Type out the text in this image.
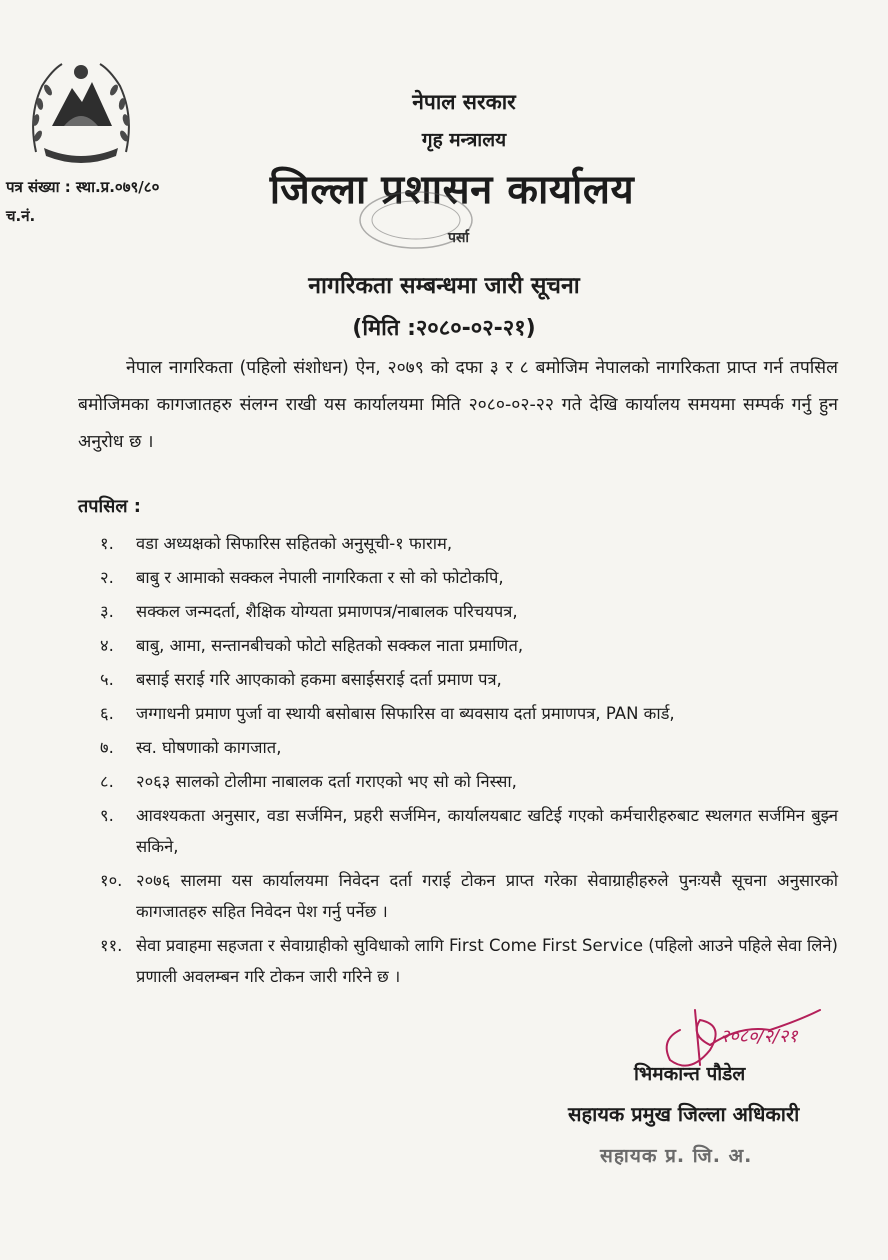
नेपाल सरकार
गृह मन्त्रालय
जिल्ला प्रशासन कार्यालय
पत्र संख्या : स्था.प्र.०७९/८०
च.नं.
पर्सा
नागरिकता सम्बन्धमा जारी सूचना
(मिति :२०८०-०२-२१)
नेपाल नागरिकता (पहिलो संशोधन) ऐन, २०७९ को दफा ३ र ८ बमोजिम नेपालको नागरिकता प्राप्त गर्न तपसिल बमोजिमका कागजातहरु संलग्न राखी यस कार्यालयमा मिति २०८०-०२-२२ गते देखि कार्यालय समयमा सम्पर्क गर्नु हुन अनुरोध छ ।
तपसिल :
१. वडा अध्यक्षको सिफारिस सहितको अनुसूची-१ फाराम,
२. बाबु र आमाको सक्कल नेपाली नागरिकता र सो को फोटोकपि,
३. सक्कल जन्मदर्ता, शैक्षिक योग्यता प्रमाणपत्र/नाबालक परिचयपत्र,
४. बाबु, आमा, सन्तानबीचको फोटो सहितको सक्कल नाता प्रमाणित,
५. बसाई सराई गरि आएकाको हकमा बसाईसराई दर्ता प्रमाण पत्र,
६. जग्गाधनी प्रमाण पुर्जा वा स्थायी बसोबास सिफारिस वा ब्यवसाय दर्ता प्रमाणपत्र, PAN कार्ड,
७. स्व. घोषणाको कागजात,
८. २०६३ सालको टोलीमा नाबालक दर्ता गराएको भए सो को निस्सा,
९. आवश्यकता अनुसार, वडा सर्जमिन, प्रहरी सर्जमिन, कार्यालयबाट खटिई गएको कर्मचारीहरुबाट स्थलगत सर्जमिन बुझ्न सकिने,
१०. २०७६ सालमा यस कार्यालयमा निवेदन दर्ता गराई टोकन प्राप्त गरेका सेवाग्राहीहरुले पुनःयसै सूचना अनुसारको कागजातहरु सहित निवेदन पेश गर्नु पर्नेछ ।
११. सेवा प्रवाहमा सहजता र सेवाग्राहीको सुविधाको लागि First Come First Service (पहिलो आउने पहिले सेवा लिने) प्रणाली अवलम्बन गरि टोकन जारी गरिने छ ।
२०८०/२/२१
भिमकान्त पौडेल
सहायक प्रमुख जिल्ला अधिकारी
सहायक प्र. जि. अ.
